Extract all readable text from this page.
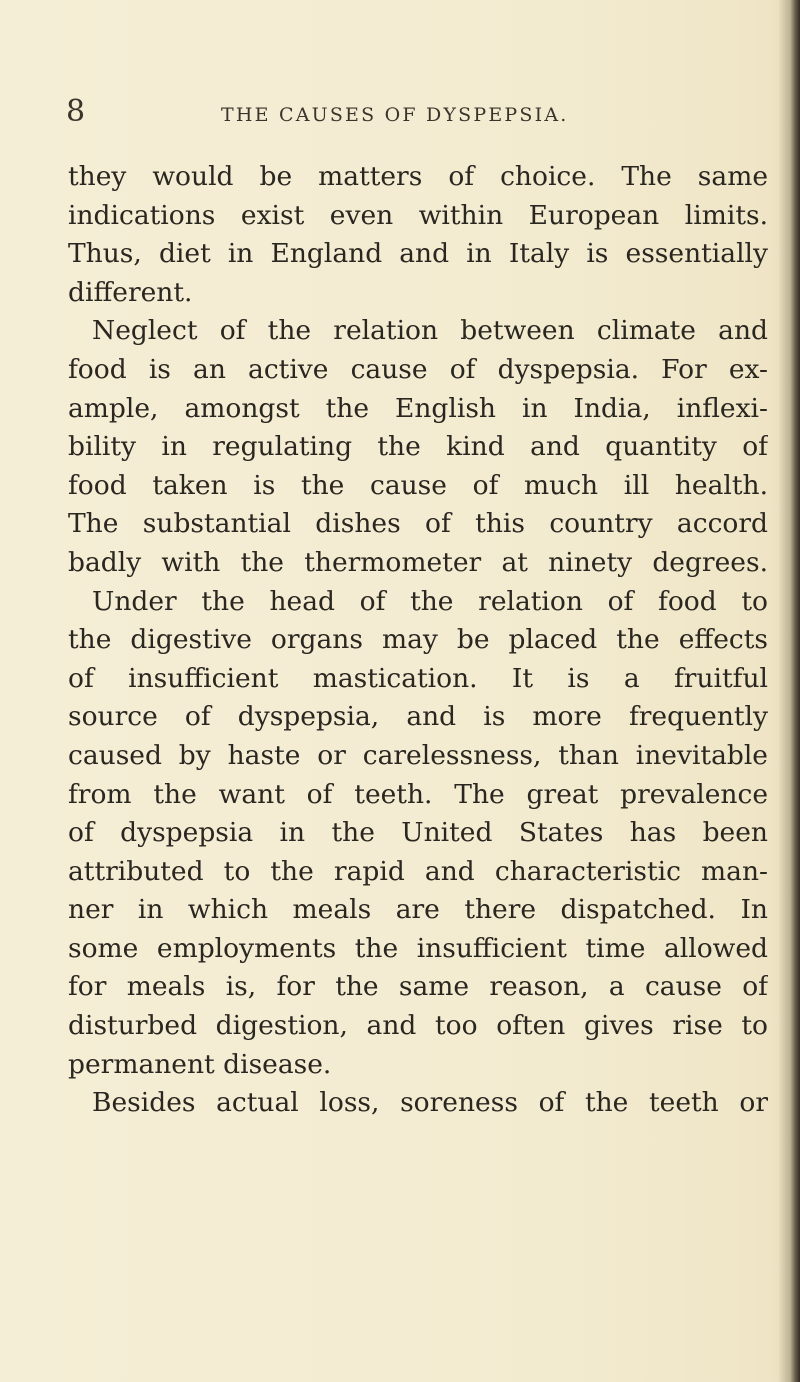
8	THE CAUSES OF DYSPEPSIA.
they would be matters of choice. The same
indications exist even within European limits.
Thus, diet in England and in Italy is essentially
different.
Neglect of the relation between climate and
food is an active cause of dyspepsia. For ex-
ample, amongst the English in India, inflexi-
bility in regulating the kind and quantity of
food taken is the cause of much ill health.
The substantial dishes of this country accord
badly with the thermometer at ninety degrees.
Under the head of the relation of food to
the digestive organs may be placed the effects
of insufficient mastication. It is a fruitful
source of dyspepsia, and is more frequently
caused by haste or carelessness, than inevitable
from the want of teeth. The great prevalence
of dyspepsia in the United States has been
attributed to the rapid and characteristic man-
ner in which meals are there dispatched. In
some employments the insufficient time allowed
for meals is, for the same reason, a cause of
disturbed digestion, and too often gives rise to
permanent disease.
Besides actual loss, soreness of the teeth or
